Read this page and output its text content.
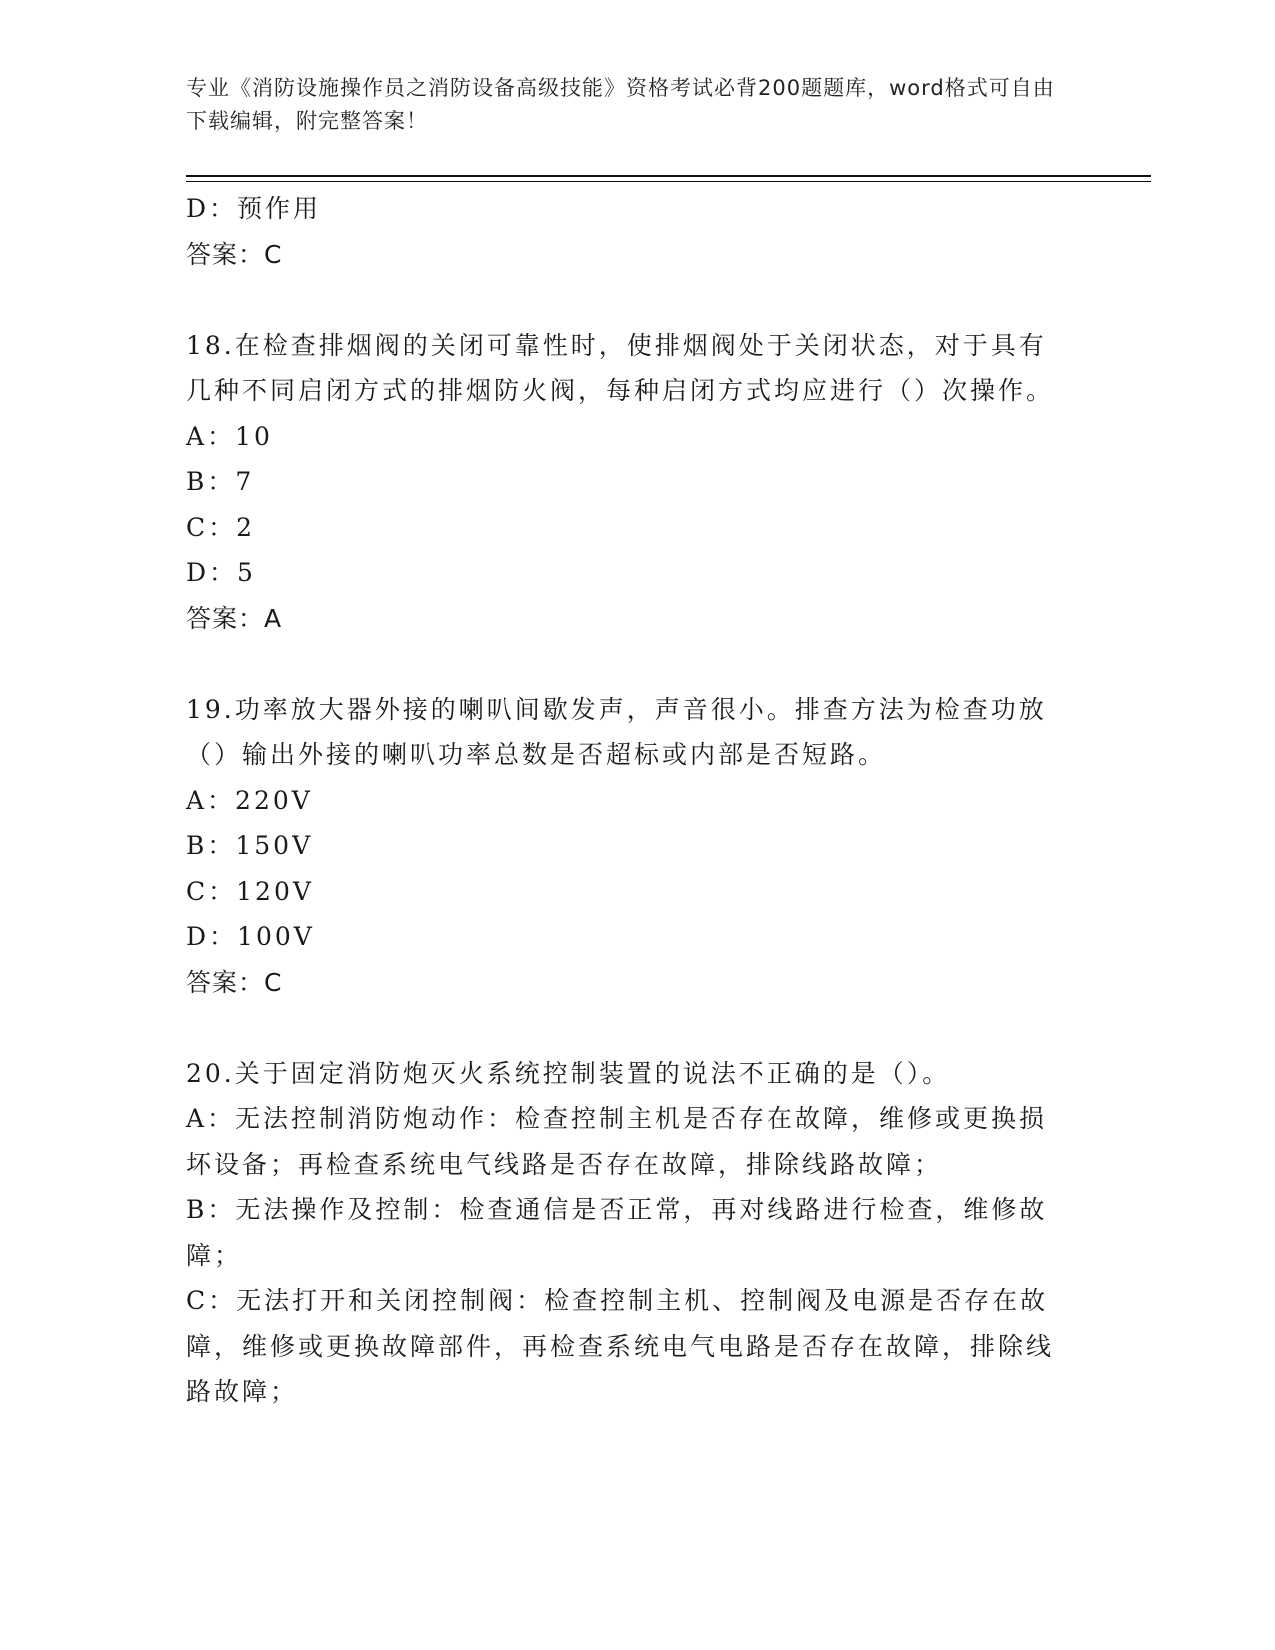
专业《消防设施操作员之消防设备高级技能》资格考试必背200题题库，word格式可自由下载编辑，附完整答案！
D：预作用
答案：C
18.在检查排烟阀的关闭可靠性时，使排烟阀处于关闭状态，对于具有几种不同启闭方式的排烟防火阀，每种启闭方式均应进行（）次操作。
A：10
B：7
C：2
D：5
答案：A
19.功率放大器外接的喇叭间歇发声，声音很小。排查方法为检查功放（）输出外接的喇叭功率总数是否超标或内部是否短路。
A：220V
B：150V
C：120V
D：100V
答案：C
20.关于固定消防炮灭火系统控制装置的说法不正确的是（）。
A：无法控制消防炮动作：检查控制主机是否存在故障，维修或更换损坏设备；再检查系统电气线路是否存在故障，排除线路故障；
B：无法操作及控制：检查通信是否正常，再对线路进行检查，维修故障；
C：无法打开和关闭控制阀：检查控制主机、控制阀及电源是否存在故障，维修或更换故障部件，再检查系统电气电路是否存在故障，排除线路故障；
